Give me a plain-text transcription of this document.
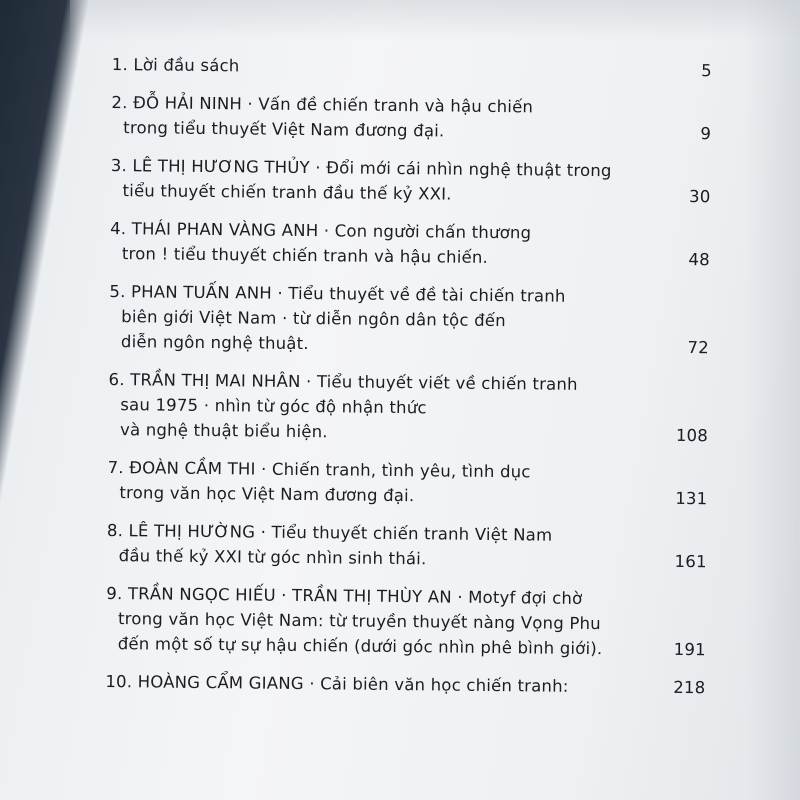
1. Lời đầu sách	5
2. ĐỖ HẢI NINH · Vấn đề chiến tranh và hậu chiến
trong tiểu thuyết Việt Nam đương đại.	9
3. LÊ THỊ HƯƠNG THỦY · Đổi mới cái nhìn nghệ thuật trong
tiểu thuyết chiến tranh đầu thế kỷ XXI.	30
4. THÁI PHAN VÀNG ANH · Con người chấn thương
tron ! tiểu thuyết chiến tranh và hậu chiến.	48
5. PHAN TUẤN ANH · Tiểu thuyết về đề tài chiến tranh
biên giới Việt Nam · từ diễn ngôn dân tộc đến
diễn ngôn nghệ thuật.	72
6. TRẦN THỊ MAI NHÂN · Tiểu thuyết viết về chiến tranh
sau 1975 · nhìn từ góc độ nhận thức
và nghệ thuật biểu hiện.	108
7. ĐOÀN CẦM THI · Chiến tranh, tình yêu, tình dục
trong văn học Việt Nam đương đại.	131
8. LÊ THỊ HƯỜNG · Tiểu thuyết chiến tranh Việt Nam
đầu thế kỷ XXI từ góc nhìn sinh thái.	161
9. TRẦN NGỌC HIẾU · TRẦN THỊ THÙY AN · Motyf đợi chờ
trong văn học Việt Nam: từ truyền thuyết nàng Vọng Phu
đến một số tự sự hậu chiến (dưới góc nhìn phê bình giới).	191
10. HOÀNG CẨM GIANG · Cải biên văn học chiến tranh:	218
